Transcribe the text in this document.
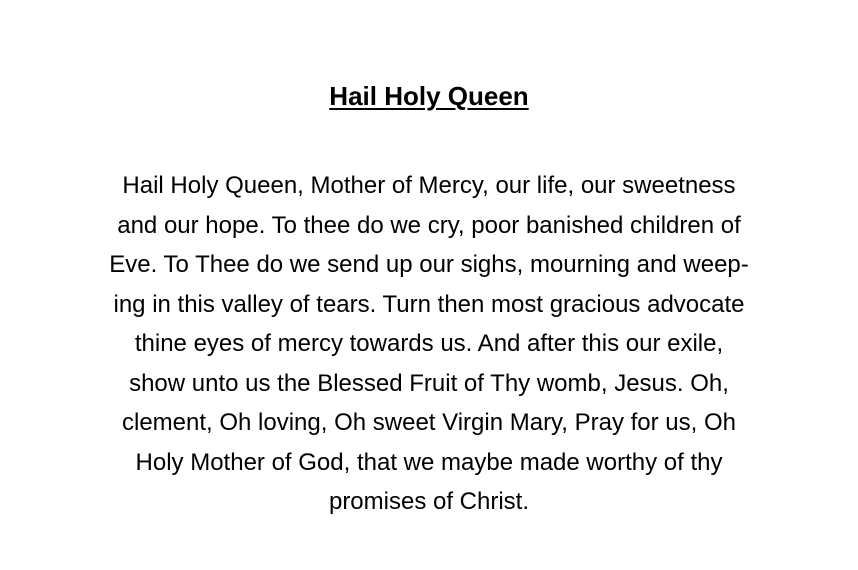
Hail Holy Queen

Hail Holy Queen, Mother of Mercy, our life, our sweetness
and our hope. To thee do we cry, poor banished children of
Eve. To Thee do we send up our sighs, mourning and weep-
ing in this valley of tears. Turn then most gracious advocate
thine eyes of mercy towards us. And after this our exile,
show unto us the Blessed Fruit of Thy womb, Jesus. Oh,
clement, Oh loving, Oh sweet Virgin Mary, Pray for us, Oh
Holy Mother of God, that we maybe made worthy of thy
promises of Christ.
